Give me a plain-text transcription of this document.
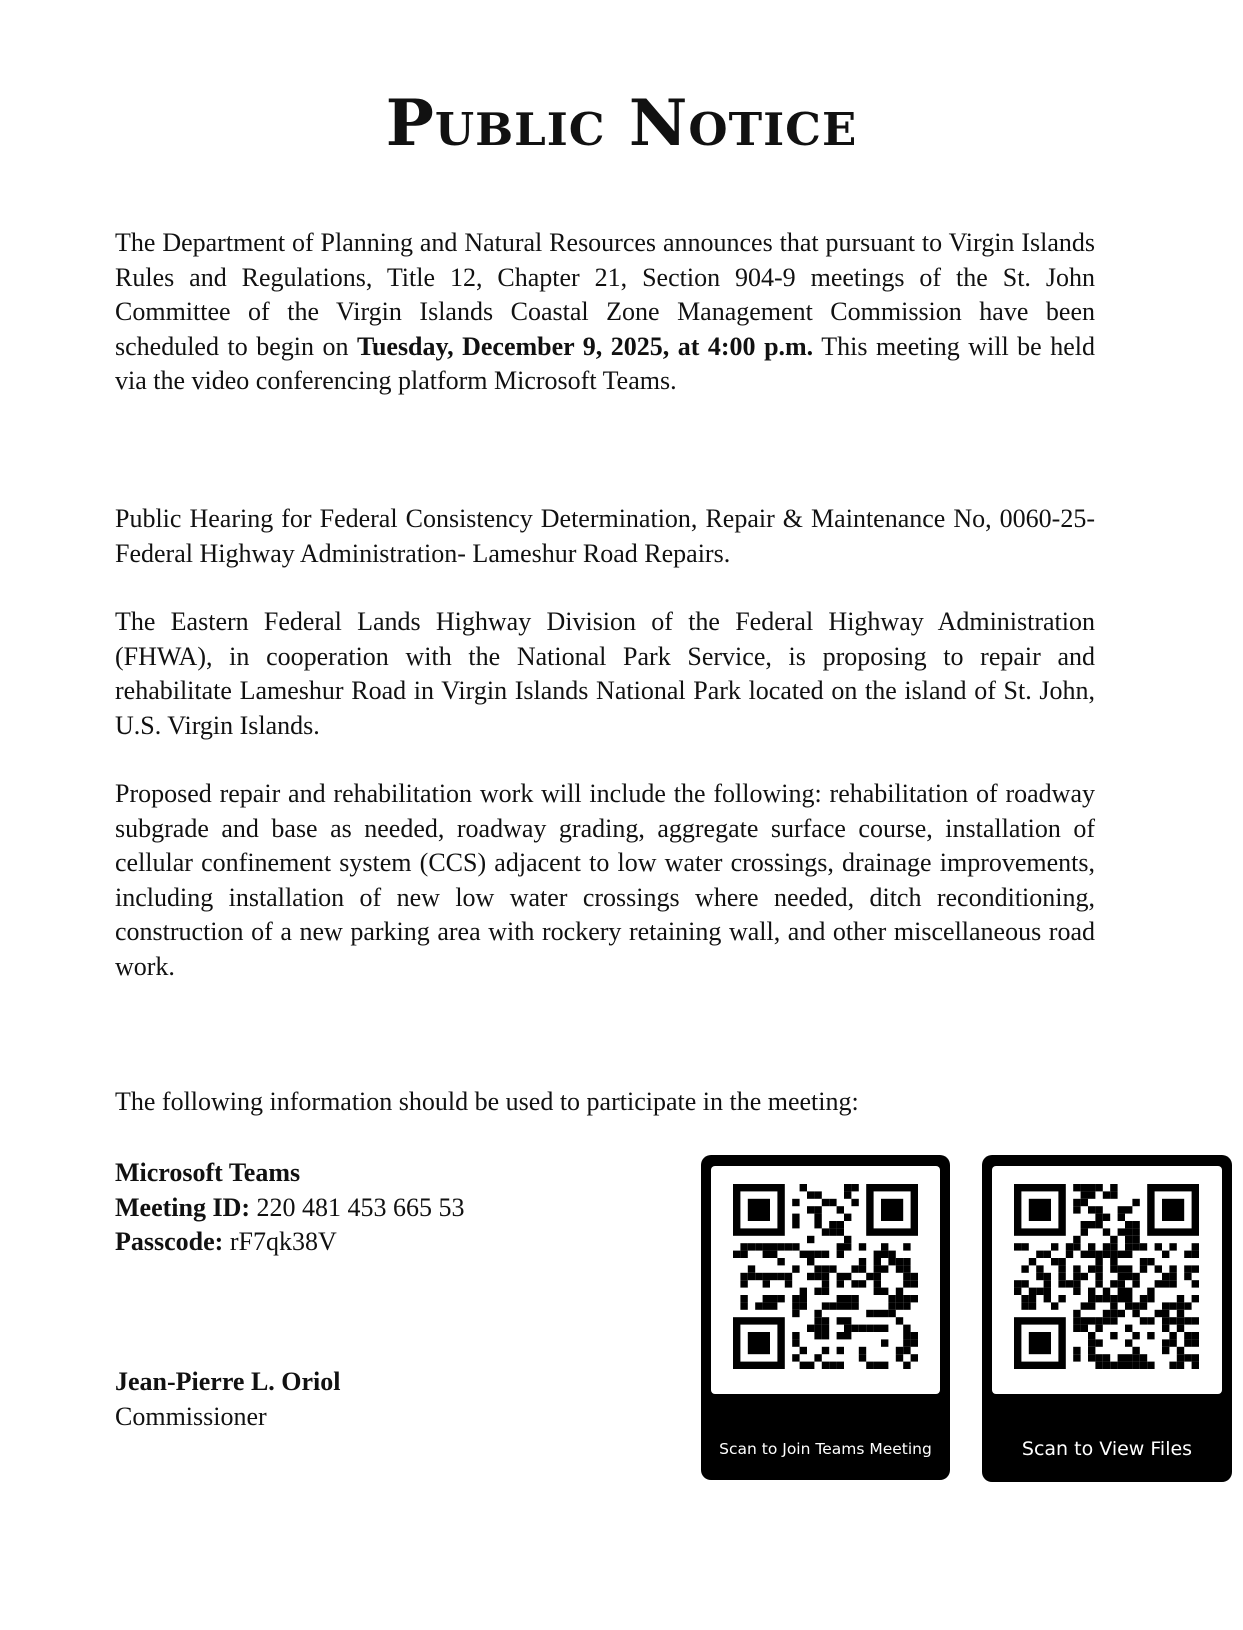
Public Notice

The Department of Planning and Natural Resources announces that pursuant to Virgin Islands Rules and Regulations, Title 12, Chapter 21, Section 904-9 meetings of the St. John Committee of the Virgin Islands Coastal Zone Management Commission have been scheduled to begin on Tuesday, December 9, 2025, at 4:00 p.m. This meeting will be held via the video conferencing platform Microsoft Teams.

Public Hearing for Federal Consistency Determination, Repair & Maintenance No, 0060-25- Federal Highway Administration- Lameshur Road Repairs.

The Eastern Federal Lands Highway Division of the Federal Highway Administration (FHWA), in cooperation with the National Park Service, is proposing to repair and rehabilitate Lameshur Road in Virgin Islands National Park located on the island of St. John, U.S. Virgin Islands.

Proposed repair and rehabilitation work will include the following: rehabilitation of roadway subgrade and base as needed, roadway grading, aggregate surface course, installation of cellular confinement system (CCS) adjacent to low water crossings, drainage improvements, including installation of new low water crossings where needed, ditch reconditioning, construction of a new parking area with rockery retaining wall, and other miscellaneous road work.

The following information should be used to participate in the meeting:

Microsoft Teams
Meeting ID: 220 481 453 665 53
Passcode: rF7qk38V
Jean-Pierre L. Oriol
Commissioner
Scan to Join Teams Meeting	Scan to View Files
